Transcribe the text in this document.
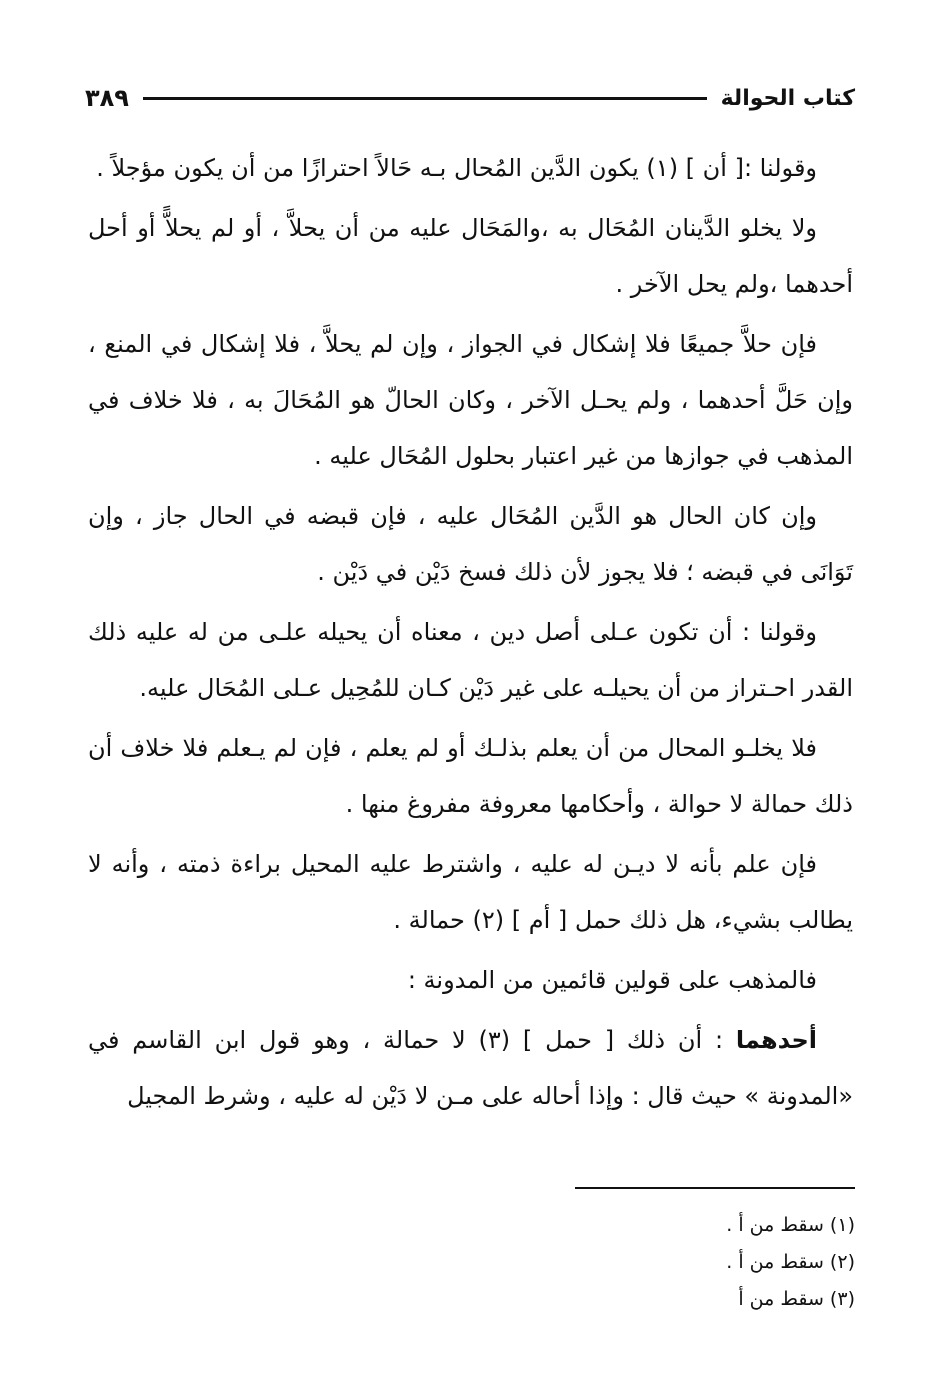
كتاب الحوالة
٣٨٩

وقولنا :[ أن ] (١) يكون الدَّين المُحال بـه حَالاً احترازًا من أن يكون مؤجلاً .

ولا يخلو الدَّينان المُحَال به ،والمَحَال عليه من أن يحلاَّ ، أو لم يحلاًّ أو أحل أحدهما ،ولم يحل الآخر .

فإن حلاَّ جميعًا فلا إشكال في الجواز ، وإن لم يحلاَّ ، فلا إشكال في المنع ، وإن حَلَّ أحدهما ، ولم يحـل الآخر ، وكان الحالّ هو المُحَالَ به ، فلا خلاف في المذهب في جوازها من غير اعتبار بحلول المُحَال عليه .

وإن كان الحال هو الدَّين المُحَال عليه ، فإن قبضه في الحال جاز ، وإن تَوَانَى في قبضه ؛ فلا يجوز لأن ذلك فسخ دَيْن في دَيْن .

وقولنا : أن تكون عـلى أصل دين ، معناه أن يحيله علـى من له عليه ذلك القدر احـتراز من أن يحيلـه على غير دَيْن كـان للمُحِيل عـلى المُحَال عليه.

فلا يخلـو المحال من أن يعلم بذلـك أو لم يعلم ، فإن لم يـعلم فلا خلاف أن ذلك حمالة لا حوالة ، وأحكامها معروفة مفروغ منها .

فإن علم بأنه لا ديـن له عليه ، واشترط عليه المحيل براءة ذمته ، وأنه لا يطالب بشيء، هل ذلك حمل [ أم ] (٢) حمالة .

فالمذهب على قولين قائمين من المدونة :

أحدهما : أن ذلك [ حمل ] (٣) لا حمالة ، وهو قول ابن القاسم في «المدونة » حيث قال : وإذا أحاله على مـن لا دَيْن له عليه ، وشرط المجيل

(١) سقط من أ .
(٢) سقط من أ .
(٣) سقط من أ
